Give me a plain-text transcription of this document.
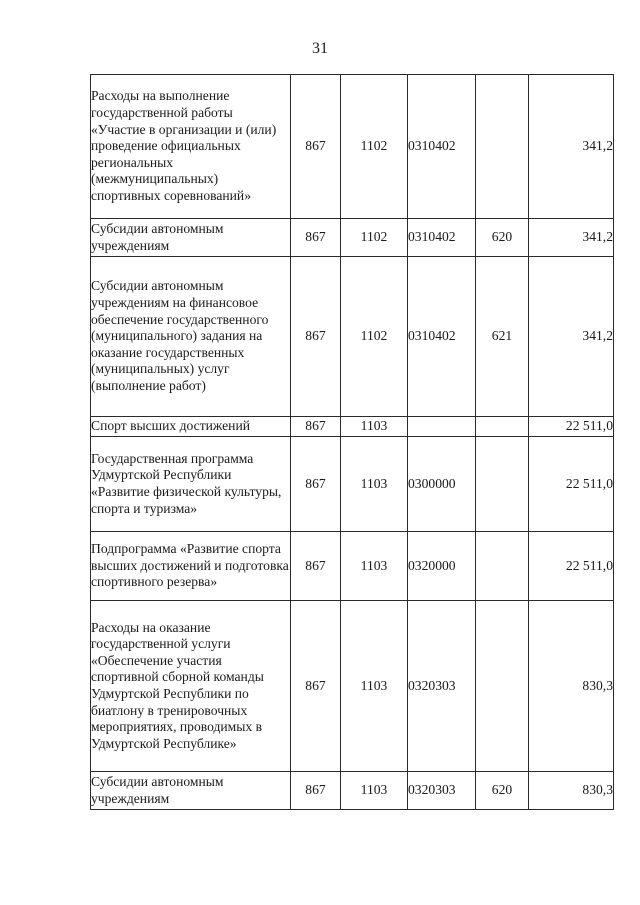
31
Расходы на выполнение государственной работы «Участие в организации и (или) проведение официальных региональных (межмуниципальных) спортивных соревнований»	867	1102	0310402		341,2
Субсидии автономным учреждениям	867	1102	0310402	620	341,2
Субсидии автономным учреждениям на финансовое обеспечение государственного (муниципального) задания на оказание государственных (муниципальных) услуг (выполнение работ)	867	1102	0310402	621	341,2
Спорт высших достижений	867	1103			22 511,0
Государственная программа Удмуртской Республики «Развитие физической культуры, спорта и туризма»	867	1103	0300000		22 511,0
Подпрограмма «Развитие спорта высших достижений и подготовка спортивного резерва»	867	1103	0320000		22 511,0
Расходы на оказание государственной услуги «Обеспечение участия спортивной сборной команды Удмуртской Республики по биатлону в тренировочных мероприятиях, проводимых в Удмуртской Республике»	867	1103	0320303		830,3
Субсидии автономным учреждениям	867	1103	0320303	620	830,3
